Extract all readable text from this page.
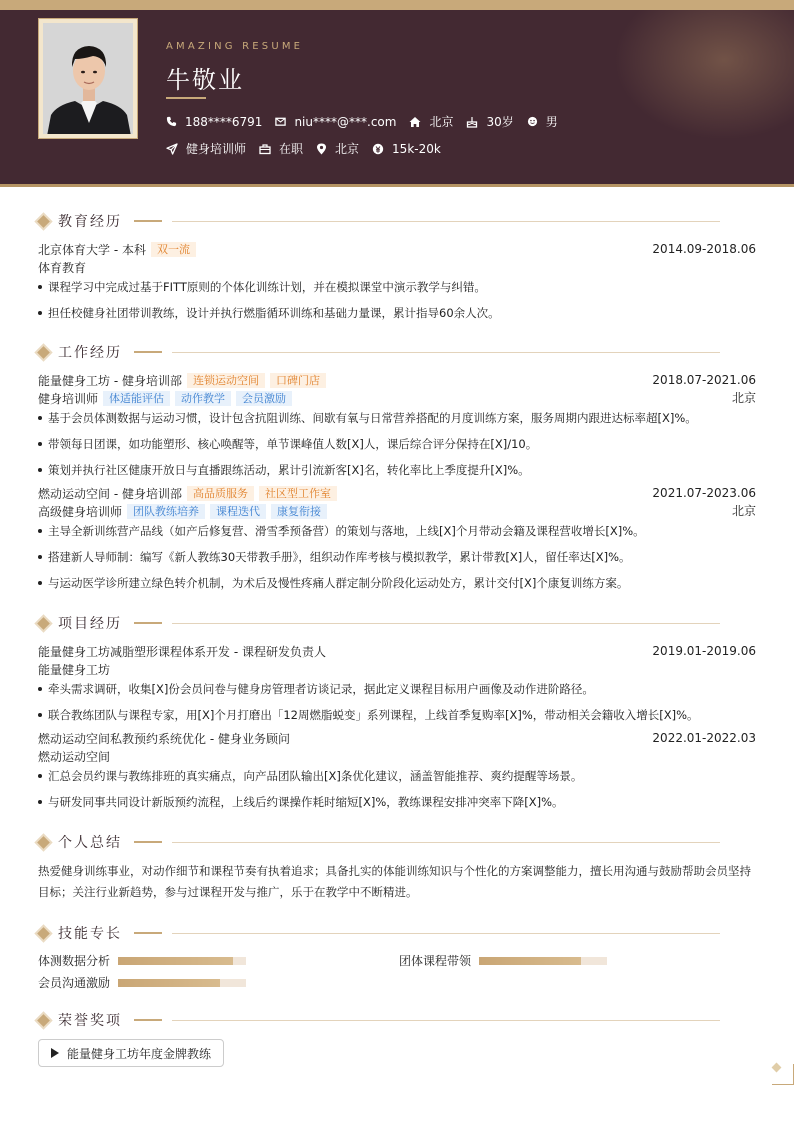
AMAZING RESUME
牛敬业
188****6791	niu****@***.com	北京	30岁	男
健身培训师	在职	北京	15k-20k
教育经历
北京体育大学 - 本科	双一流	2014.09-2018.06
体育教育
课程学习中完成过基于FITT原则的个体化训练计划，并在模拟课堂中演示教学与纠错。
担任校健身社团带训教练，设计并执行燃脂循环训练和基础力量课，累计指导60余人次。
工作经历
能量健身工坊 - 健身培训部	连锁运动空间	口碑门店	2018.07-2021.06
健身培训师	体适能评估	动作教学	会员激励	北京
基于会员体测数据与运动习惯，设计包含抗阻训练、间歇有氧与日常营养搭配的月度训练方案，服务周期内跟进达标率超[X]%。
带领每日团课，如功能塑形、核心唤醒等，单节课峰值人数[X]人，课后综合评分保持在[X]/10。
策划并执行社区健康开放日与直播跟练活动，累计引流新客[X]名，转化率比上季度提升[X]%。
燃动运动空间 - 健身培训部	高品质服务	社区型工作室	2021.07-2023.06
高级健身培训师	团队教练培养	课程迭代	康复衔接	北京
主导全新训练营产品线（如产后修复营、滑雪季预备营）的策划与落地，上线[X]个月带动会籍及课程营收增长[X]%。
搭建新人导师制：编写《新人教练30天带教手册》，组织动作库考核与模拟教学，累计带教[X]人，留任率达[X]%。
与运动医学诊所建立绿色转介机制，为术后及慢性疼痛人群定制分阶段化运动处方，累计交付[X]个康复训练方案。
项目经历
能量健身工坊减脂塑形课程体系开发 - 课程研发负责人	2019.01-2019.06
能量健身工坊
牵头需求调研，收集[X]份会员问卷与健身房管理者访谈记录，据此定义课程目标用户画像及动作进阶路径。
联合教练团队与课程专家，用[X]个月打磨出「12周燃脂蜕变」系列课程，上线首季复购率[X]%，带动相关会籍收入增长[X]%。
燃动运动空间私教预约系统优化 - 健身业务顾问	2022.01-2022.03
燃动运动空间
汇总会员约课与教练排班的真实痛点，向产品团队输出[X]条优化建议，涵盖智能推荐、爽约提醒等场景。
与研发同事共同设计新版预约流程，上线后约课操作耗时缩短[X]%，教练课程安排冲突率下降[X]%。
个人总结
热爱健身训练事业，对动作细节和课程节奏有执着追求；具备扎实的体能训练知识与个性化的方案调整能力，擅长用沟通与鼓励帮助会员坚持目标；关注行业新趋势，参与过课程开发与推广，乐于在教学中不断精进。
技能专长
体测数据分析	团体课程带领
会员沟通激励
荣誉奖项
能量健身工坊年度金牌教练
